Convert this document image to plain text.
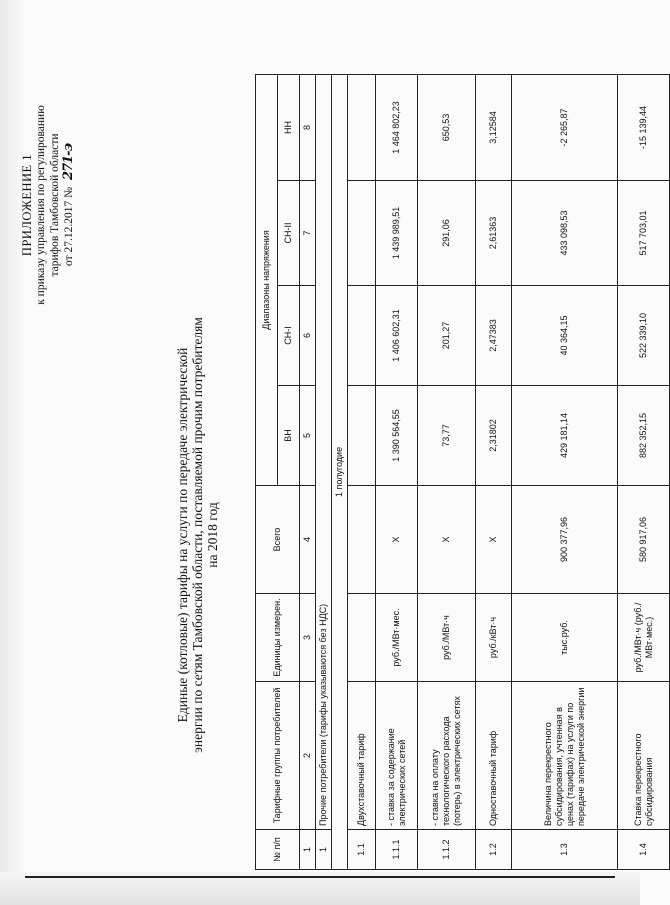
ПРИЛОЖЕНИЕ 1 к приказу управления по регулированию тарифов Тамбовской области от 27.12.2017 № 271-э
Единые (котловые) тарифы на услуги по передаче электрической энергии по сетям Тамбовской области, поставляемой прочим потребителям на 2018 год
№ п/п	Тарифные группы потребителей	Единицы измерен.	Всего	Диапазоны напряжения			
				ВН	СН-I	СН-II	НН
1	2	3	4	5	6	7	8
1	Прочие потребители (тарифы указываются без НДС)						
1 полугодие							
1.1	Двухставочный тариф						
1.1.1	- ставка за содержание электрических сетей	руб./МВт·мес.	Х	1 390 564,55	1 406 602,31	1 439 989,51	1 464 802,23
1.1.2	- ставка на оплату технологического расхода (потерь) в электрических сетях	руб./МВт·ч	Х	73,77	201,27	291,06	650,53
1.2	Одноставочный тариф	руб./кВт·ч	Х	2,31802	2,47383	2,61363	3,12584
1.3	Величина перекрестного субсидирования, учтенная в ценах (тарифах) на услуги по передаче электрической энергии	тыс.руб.	900 377,96	429 181,14	40 364,15	433 098,53	-2 265,87
1.4	Ставка перекрестного субсидирования	руб./МВт·ч (руб./МВт·мес.)	580 917,06	882 352,15	522 339,10	517 703,01	-15 139,44
